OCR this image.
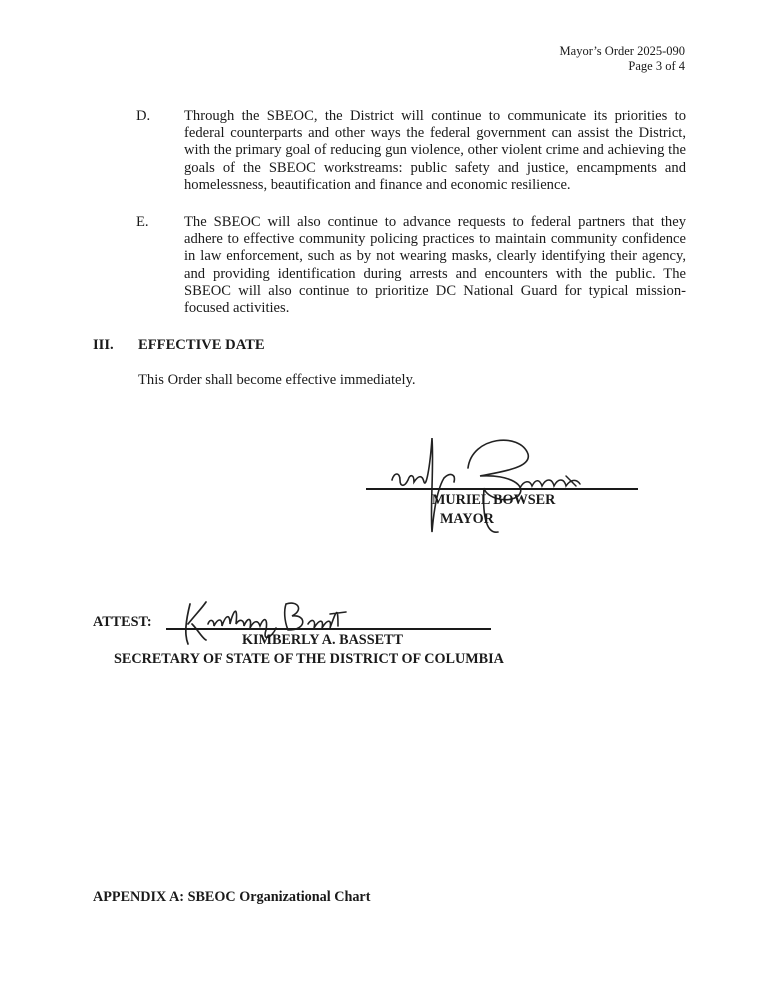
Mayor’s Order 2025-090
Page 3 of 4
D. Through the SBEOC, the District will continue to communicate its priorities to federal counterparts and other ways the federal government can assist the District, with the primary goal of reducing gun violence, other violent crime and achieving the goals of the SBEOC workstreams: public safety and justice, encampments and homelessness, beautification and finance and economic resilience.
E. The SBEOC will also continue to advance requests to federal partners that they adhere to effective community policing practices to maintain community confidence in law enforcement, such as by not wearing masks, clearly identifying their agency, and providing identification during arrests and encounters with the public. The SBEOC will also continue to prioritize DC National Guard for typical mission-focused activities.
III. EFFECTIVE DATE
This Order shall become effective immediately.
MURIEL BOWSER
MAYOR
ATTEST:
KIMBERLY A. BASSETT
SECRETARY OF STATE OF THE DISTRICT OF COLUMBIA
APPENDIX A: SBEOC Organizational Chart
